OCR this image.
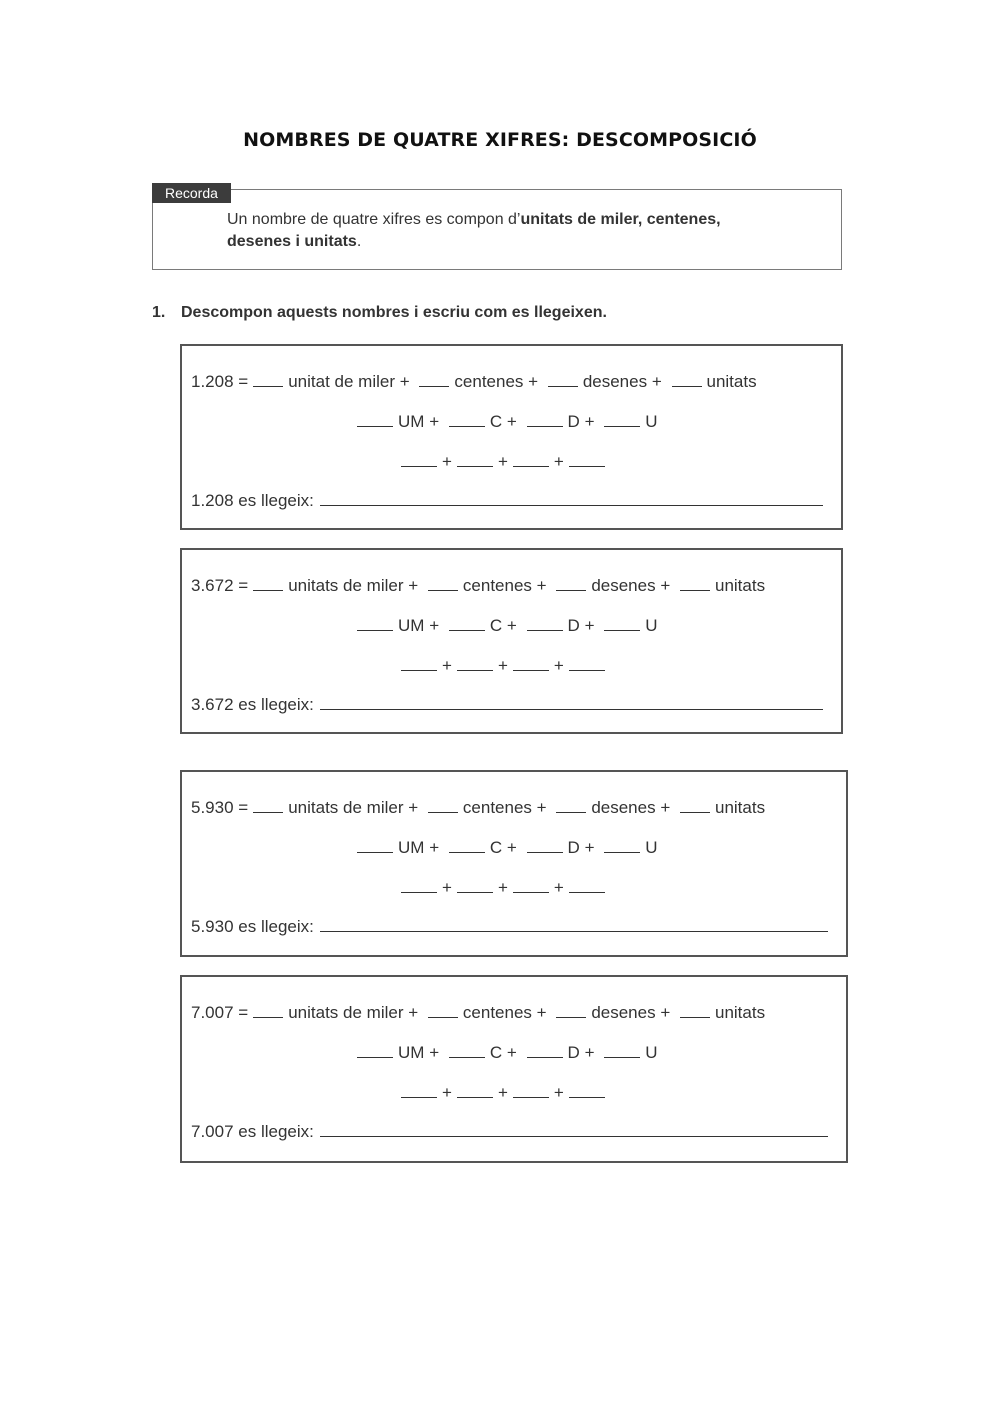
NOMBRES DE QUATRE XIFRES: DESCOMPOSICIÓ
Recorda
Un nombre de quatre xifres es compon d’unitats de miler, centenes,
desenes i unitats.
1. Descompon aquests nombres i escriu com es llegeixen.
1.208 = unitat de miler +	centenes +	desenes +	unitats
UM +	C +	D +	U
+	+	+
1.208 es llegeix:
3.672 = unitats de miler +	centenes +	desenes +	unitats
UM +	C +	D +	U
+	+	+
3.672 es llegeix:
5.930 = unitats de miler +	centenes +	desenes +	unitats
UM +	C +	D +	U
+	+	+
5.930 es llegeix:
7.007 = unitats de miler +	centenes +	desenes +	unitats
UM +	C +	D +	U
+	+	+
7.007 es llegeix:
